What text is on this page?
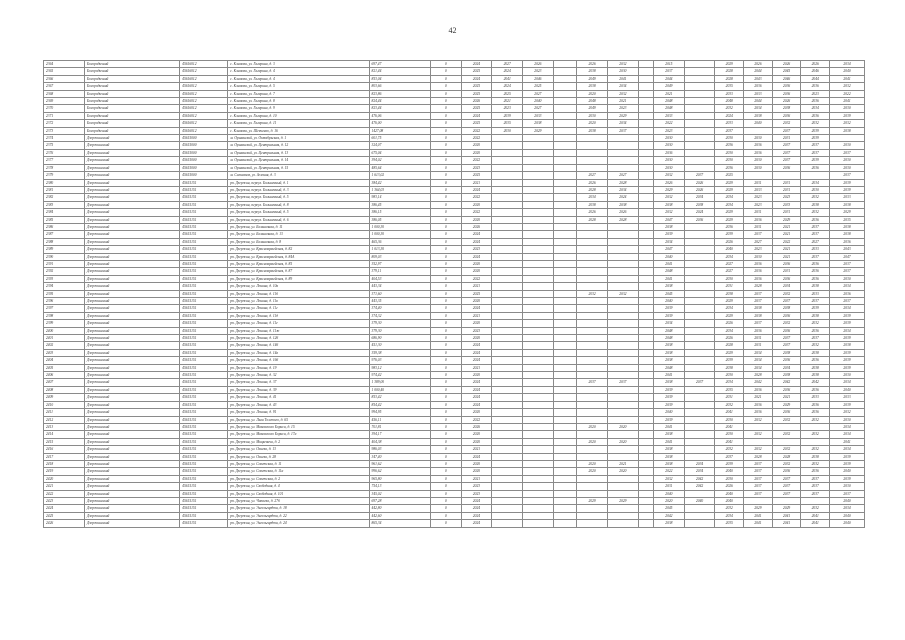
42
2364	Богородичний	45616012	с. Климова, ул. Гагарина, д. 3	697,47	0	2024	2027	2026		2026	2032		2015		2029	2026	2026	2026	2034
2365	Богородичний	45616012	с. Климова, ул. Гагарина, д. 4	821,44	0	2025	2024	2023		2038	2030		2037		2028	2044	2045	2046	2040
2366	Богородичний	45616012	с. Климова, ул. Гагарина, д. 4	853,04	0	2024	2041	2046		2049	2041		2044		2028	2043	2046	2044	2041
2367	Богородичний	45616012	с. Климова, ул. Гагарина, д. 5	803,66	0	2025	2024	2025		2038	2034		2049		2035	2036	2036	2036	2032
2368	Богородичний	45616012	с. Климова, ул. Гагарина, д. 7	823,86	0	2025	2025	2027		2020	2032		2021		2033	2033	2036	2023	2022
2369	Богородичний	45616012	с. Климова, ул. Гагарина, д. 8	824,44	0	2026	2021	2040		2048	2021		2048		2048	2044	2026	2036	2041
2370	Богородичний	45616012	с. Климова, ул. Гагарина, д. 9	823,44	0	2025	2023	2027		2049	2023		2048		2032	2034	2038	2034	2030
2371	Богородичний	45616012	с. Климова, ул. Гагарина, д. 10	476,06	0	2024	2039	2033		2030	2029		2033		2024	2038	2036	2036	2039
2372	Богородичний	45616012	с. Климова, ул. Гагарина, д. 11	476,00	0	2025	2035	2038		2020	2034		2022		2033	2040	2032	2032	2032
2373	Богородичний	45616012	с. Климова, ул. Шевченко, д. 16	1427,08	0	2022	2030	2029		2038	2037		2023		2037		2037	2039	2038
2374	Дзержинський	45615000	м. Оршанский, ул. Октябрьская, д. 1	601,75	0	2022							2030		2030	2030	2031	2039	
2375	Дзержинський	45615000	м. Оршанский, ул. Центральная, д. 12	324,07	0	2020							2030		2036	2036	2037	2037	2030
2376	Дзержинський	45615000	м. Оршанский, ул. Центральная, д. 13	675,04	0	2020							2036		2030	2036	2037	2037	2037
2377	Дзержинський	45615000	м. Оршанский, ул. Центральная, д. 14	394,02	0	2022							2030		2030	2030	2037	2039	2030
2378	Дзержинський	45615000	м. Оршанский, ул. Центральная, д. 15	485,64	0	2023							2030		2036	2030	2036	2036	2030
2379	Дзержинський	45615000	м. Сальчаков, ул. Зеленая, д. 3	1 613,02	0	2025				2027	2027		2032	2037	2025				2037
2380	Дзержинський	45615151	рп. Дзержин, переул. Больничный, д. 1	384,42	0	2021				2026	2028		2026	2026	2029	2031	2031	2034	2039
2381	Дзержинський	45615151	рп. Дзержин, переул. Больничный, д. 3	1 364,03	0	2024				2028	2034		2029	2026	2029	2033	2031	2030	2039
2382	Дзержинський	45615151	рп. Дзержин, переул. Больничный, д. 5	983,14	0	2022				2034	2024		2032	2034	2034	2023	2023	2032	2033
2383	Дзержинський	45615151	рп. Дзержин, переул. Больничный, д. 8	386,45	0	2020				2038	2038		2038	2038	2034	2023	2033	2038	2038
2384	Дзержинський	45615151	рп. Дзержин, переул. Больничный, д. 5	386,15	0	2022				2026	2026		2032	2024	2029	2031	2031	2032	2029
2385	Дзержинський	45615151	рп. Дзержин, переул. Больничный, д. 6	386,05	0	2020				2028	2028		2047	2036	2029	2036	2029	2036	2035
2386	Дзержинський	45615151	рп. Дзержин, ул. Больничная, д. 11	1 000,30	0	2026							2038		2036	2031	2021	2037	2038
2387	Дзержинський	45615151	рп. Дзержин, ул. Больничная, д. 13	1 000,30	0	2024							2039		2039	2037	2021	2037	2038
2388	Дзержинський	45615151	рп. Дзержин, ул. Больничная, д. 8	465,36	0	2024							2034		2026	2027	2022	2027	2036
2389	Дзержинський	45615151	рп. Дзержин, ул. Красноармейская, д. 82	1 013,30	0	2023							2047		2040	2023	2021	2033	2043
2390	Дзержинський	45615151	рп. Дзержин, ул. Красноармейская, д. 84А	809,03	0	2024							2040		2034	2030	2021	2037	2047
2391	Дзержинський	45615151	рп. Дзержин, ул. Красноармейская, д. 85	352,97	0	2020							2041		2027	2036	2036	2036	2037
2392	Дзержинський	45615151	рп. Дзержин, ул. Красноармейская, д. 87	379,11	0	2020							2048		2027	2036	2031	2036	2037
2393	Дзержинський	45615151	рп. Дзержин, ул. Красноармейская, д. 89	404,53	0	2022							2041		2030	2036	2036	2036	2030
2394	Дзержинський	45615151	рп. Дзержин, ул. Ленина, д. 10а	443,34	0	2021							2038		2031	2028	2034	2038	2034
2395	Дзержинський	45615151	рп. Дзержин, ул. Ленина, д. 11б	371,60	0	2025				2032	2032		2045		2038	2037	2032	2033	2036
2396	Дзержинський	45615151	рп. Дзержин, ул. Ленина, д. 11в	443,35	0	2020							2040		2029	2037	2037	2037	2037
2397	Дзержинський	45615151	рп. Дзержин, ул. Ленина, д. 11г	374,40	0	2024							2039		2034	2038	2038	2039	2034
2398	Дзержинський	45615151	рп. Дзержин, ул. Ленина, д. 11д	374,32	0	2021							2039		2029	2038	2036	2038	2039
2399	Дзержинський	45615151	рп. Дзержин, ул. Ленина, д. 11е	379,30	0	2020							2034		2026	2037	2032	2032	2039
2400	Дзержинський	45615151	рп. Дзержин, ул. Ленина, д. 11ж	379,30	0	2023							2048		2034	2036	2036	2036	2034
2401	Дзержинський	45615151	рп. Дзержин, ул. Ленина, д. 12б	686,90	0	2020							2048		2026	2031	2037	2037	2039
2402	Дзержинський	45615151	рп. Дзержин, ул. Ленина, д. 14б	451,30	0	2024							2038		2028	2031	2037	2032	2038
2403	Дзержинський	45615151	рп. Дзержин, ул. Ленина, д. 14в	359,38	0	2024							2038		2029	2034	2038	2038	2039
2404	Дзержинський	45615151	рп. Дзержин, ул. Ленина, д. 16б	976,03	0	2024							2038		2039	2034	2036	2036	2039
2405	Дзержинський	45615151	рп. Дзержин, ул. Ленина, д. 19	983,12	0	2021							2048		2038	2034	2034	2038	2039
2406	Дзержинський	45615151	рп. Дзержин, ул. Ленина, д. 32	974,42	0	2020							2041		2030	2028	2038	2038	2030
2407	Дзержинський	45615151	рп. Дзержин, ул. Ленина, д. 37	1 389,00	0	2024				2037	2037		2038	2037	2034	2042	2042	2042	2034
2408	Дзержинський	45615151	рп. Дзержин, ул. Ленина, д. 39	1 000,40	0	2024							2039		2035	2036	2036	2036	2040
2409	Дзержинський	45615151	рп. Дзержин, ул. Ленина, д. 41	853,42	0	2024							2039		2031	2021	2021	2033	2033
2410	Дзержинський	45615151	рп. Дзержин, ул. Ленина, д. 43	854,42	0	2024							2039		2032	2036	2029	2036	2039
2411	Дзержинський	45615151	рп. Дзержин, ул. Ленина, д. 91	994,95	0	2020							2040		2041	2036	2036	2036	2032
2412	Дзержинський	45615151	рп. Дзержин, ул. Льва Толстого, д. 65	456,11	0	2022							2039		2030	2032	2032	2032	2030
2413	Дзержинський	45615151	рп. Дзержин, ул. Маковского Бориса, д. 15	701,81	0	2026				2020	2020		2041		2041				2034
2414	Дзержинський	45615151	рп. Дзержин, ул. Маковского Бориса, д. 17а	394,17	0	2020							2038		2030	2032	2032	2032	2034
2415	Дзержинський	45615151	рп. Дзержин, ул. Мицкевича, д. 2	404,38	0	2020				2020	2020		2041		2041				2041
2416	Дзержинський	45615151	рп. Дзержин, ул. Огнева, д. 13	986,03	0	2021							2038		2032	2032	2032	2032	2034
2417	Дзержинський	45615151	рп. Дзержин, ул. Огнева, д. 28	347,40	0	2024							2038		2037	2028	2028	2038	2039
2418	Дзержинський	45615151	рп. Дзержин, ул. Советская, д. 11	961,62	0	2020				2020	2021		2038	2034	2039	2037	2032	2032	2039
2419	Дзержинський	45615151	рп. Дзержин, ул. Советская, д. 11а	996,62	0	2020				2020	2020		2022	2034	2040	2037	2036	2036	2040
2420	Дзержинський	45615151	рп. Дзержин, ул. Советская, д. 2	965,80	0	2021							2032	2042	2030	2037	2037	2037	2039
2421	Дзержинський	45615151	рп. Дзержин, ул. Свободная, д. 4	754,13	0	2023							2031	2042	2026	2037	2037	2037	2030
2422	Дзержинський	45615151	рп. Дзержин, ул. Свободная, д. 101	345,02	0	2023							2040		2040	2037	2037	2037	2037
2423	Дзержинський	45615151	рп. Дзержин, ул. Чапаева, д. 27б	697,28	0	2024				2029	2029		2020	2040	2040				2040
2424	Дзержинський	45615151	рп. Дзержин, ул. Энгельгардта, д. 18	442,80	0	2024							2045		2032	2029	2029	2032	2034
2425	Дзержинський	45615151	рп. Дзержин, ул. Энгельгардта, д. 22	442,60	0	2024							2042		2034	2041	2041	2041	2040
2426	Дзержинський	45615151	рп. Дзержин, ул. Энгельгардта, д. 24	865,34	0	2024							2038		2035	2041	2041	2041	2040
